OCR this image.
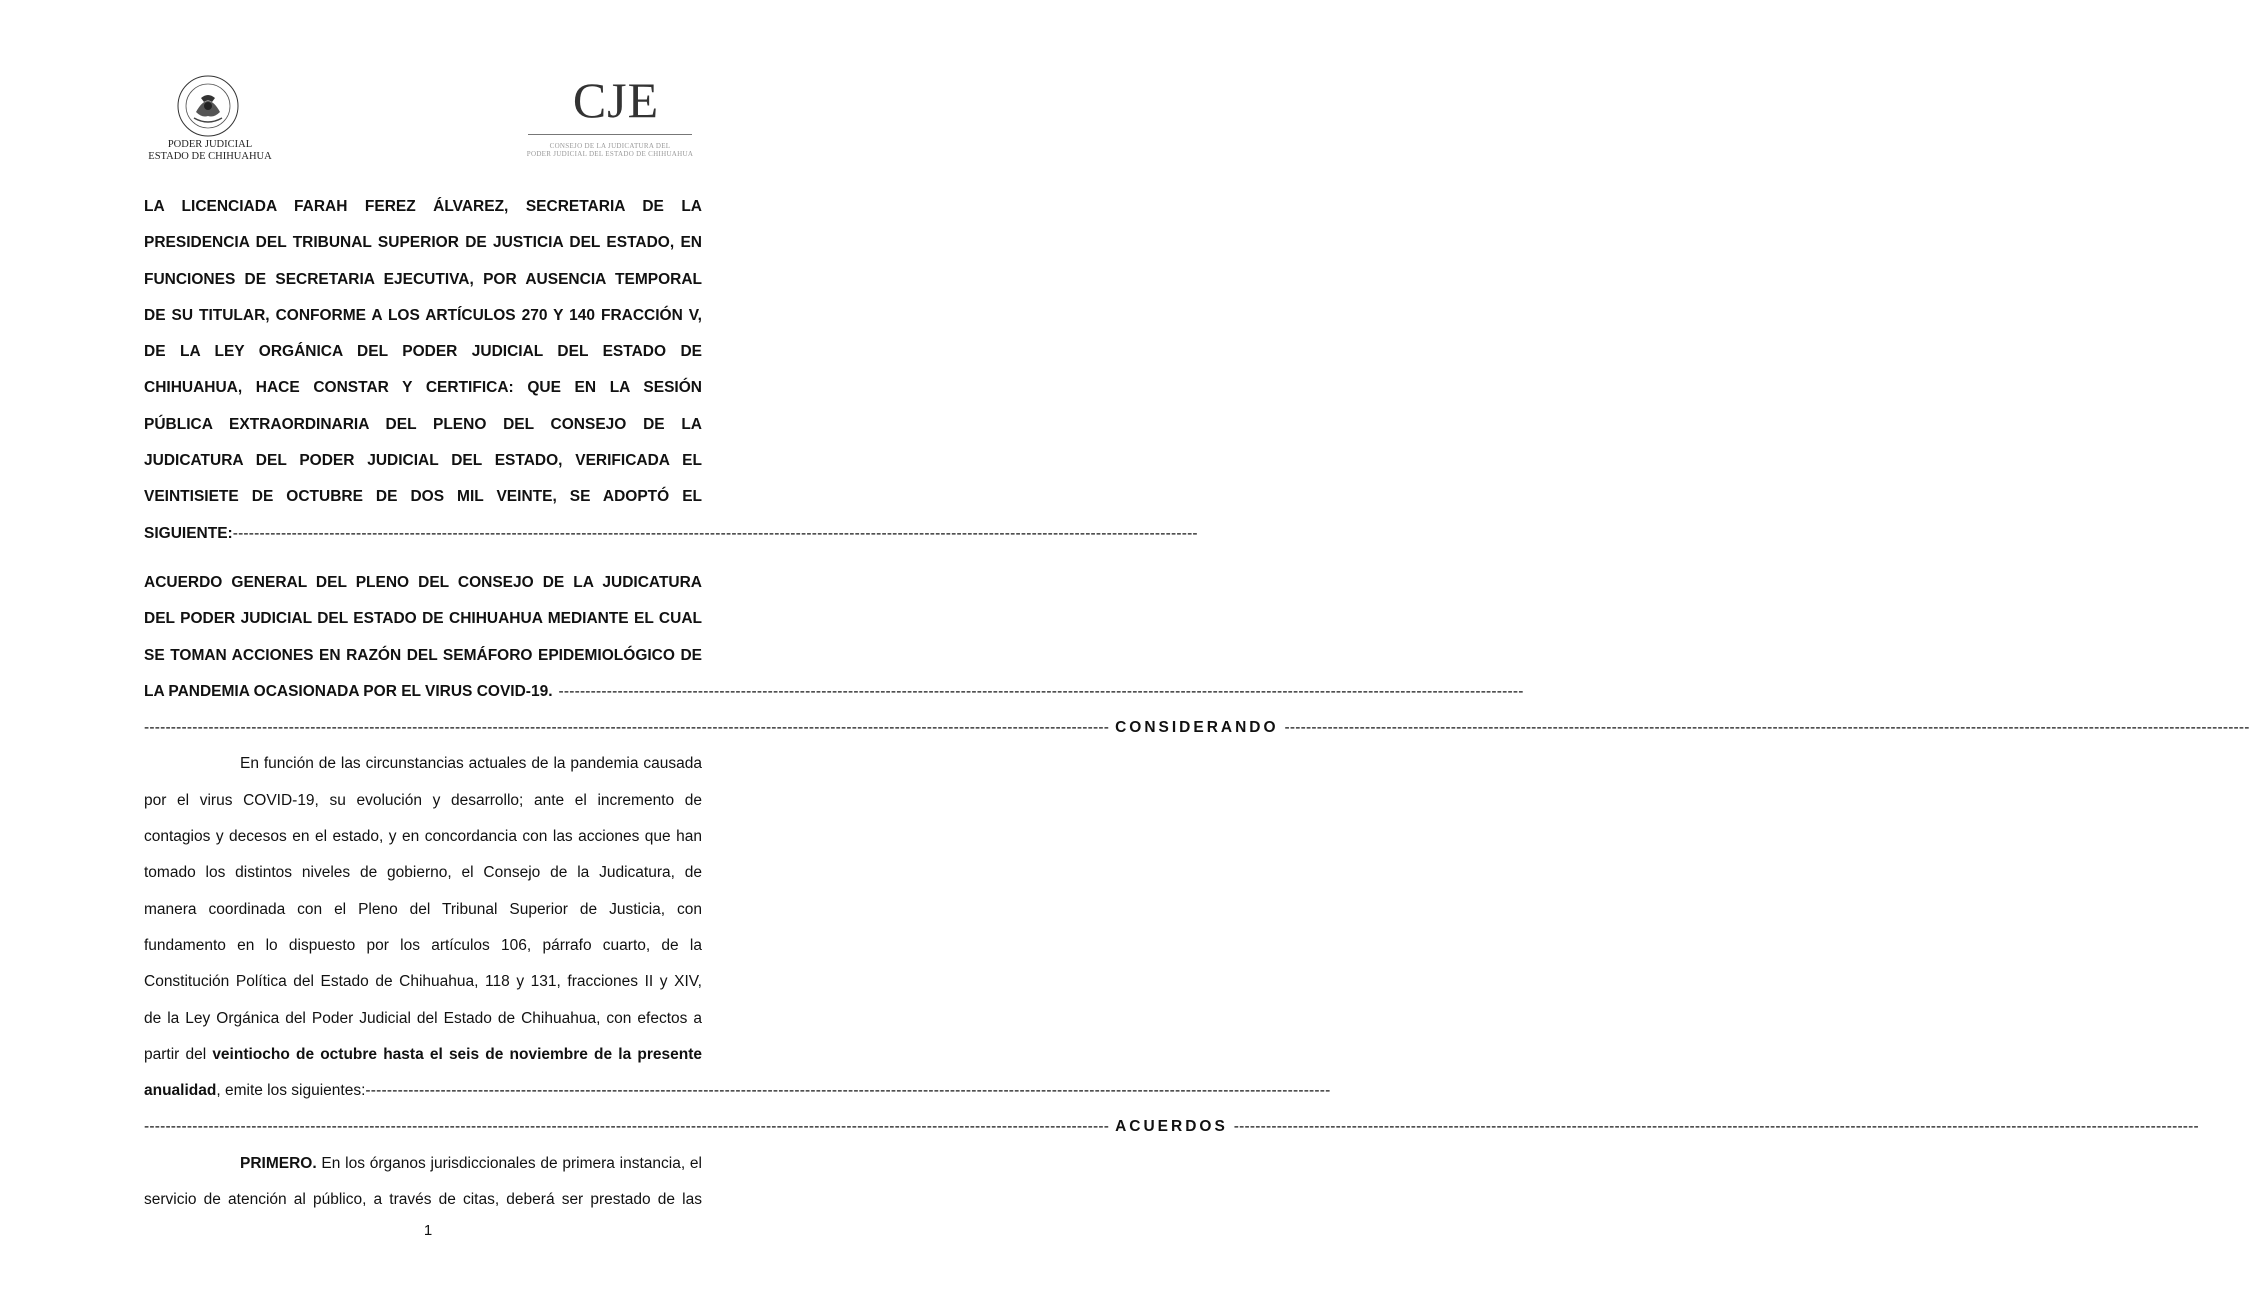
PODER JUDICIAL
ESTADO DE CHIHUAHUA
CJE
CONSEJO DE LA JUDICATURA DEL
PODER JUDICIAL DEL ESTADO DE CHIHUAHUA
LA LICENCIADA FARAH FEREZ ÁLVAREZ, SECRETARIA DE LA
PRESIDENCIA DEL TRIBUNAL SUPERIOR DE JUSTICIA DEL ESTADO, EN
FUNCIONES DE SECRETARIA EJECUTIVA, POR AUSENCIA TEMPORAL
DE SU TITULAR, CONFORME A LOS ARTÍCULOS 270 Y 140 FRACCIÓN V,
DE LA LEY ORGÁNICA DEL PODER JUDICIAL DEL ESTADO DE
CHIHUAHUA, HACE CONSTAR Y CERTIFICA: QUE EN LA SESIÓN
PÚBLICA EXTRAORDINARIA DEL PLENO DEL CONSEJO DE LA
JUDICATURA DEL PODER JUDICIAL DEL ESTADO, VERIFICADA EL
VEINTISIETE DE OCTUBRE DE DOS MIL VEINTE, SE ADOPTÓ EL
SIGUIENTE: ------------------------------------------------------------------------------------------------------------------------------------------------------------------------------------
ACUERDO GENERAL DEL PLENO DEL CONSEJO DE LA JUDICATURA
DEL PODER JUDICIAL DEL ESTADO DE CHIHUAHUA MEDIANTE EL CUAL
SE TOMAN ACCIONES EN RAZÓN DEL SEMÁFORO EPIDEMIOLÓGICO DE
LA PANDEMIA OCASIONADA POR EL VIRUS COVID-19. ------------------------------------------------------------------------------------------------------------------------------------------------------------------------------------
------------------------------------------------------------------------------------------------------------------------------------------------------------------------------------ CONSIDERANDO ------------------------------------------------------------------------------------------------------------------------------------------------------------------------------------
En función de las circunstancias actuales de la pandemia causada
por el virus COVID-19, su evolución y desarrollo; ante el incremento de
contagios y decesos en el estado, y en concordancia con las acciones que han
tomado los distintos niveles de gobierno, el Consejo de la Judicatura, de
manera coordinada con el Pleno del Tribunal Superior de Justicia, con
fundamento en lo dispuesto por los artículos 106, párrafo cuarto, de la
Constitución Política del Estado de Chihuahua, 118 y 131, fracciones II y XIV,
de la Ley Orgánica del Poder Judicial del Estado de Chihuahua, con efectos a
partir del veintiocho de octubre hasta el seis de noviembre de la presente
anualidad, emite los siguientes: ------------------------------------------------------------------------------------------------------------------------------------------------------------------------------------
------------------------------------------------------------------------------------------------------------------------------------------------------------------------------------ ACUERDOS ------------------------------------------------------------------------------------------------------------------------------------------------------------------------------------
PRIMERO. En los órganos jurisdiccionales de primera instancia, el
servicio de atención al público, a través de citas, deberá ser prestado de las
1
